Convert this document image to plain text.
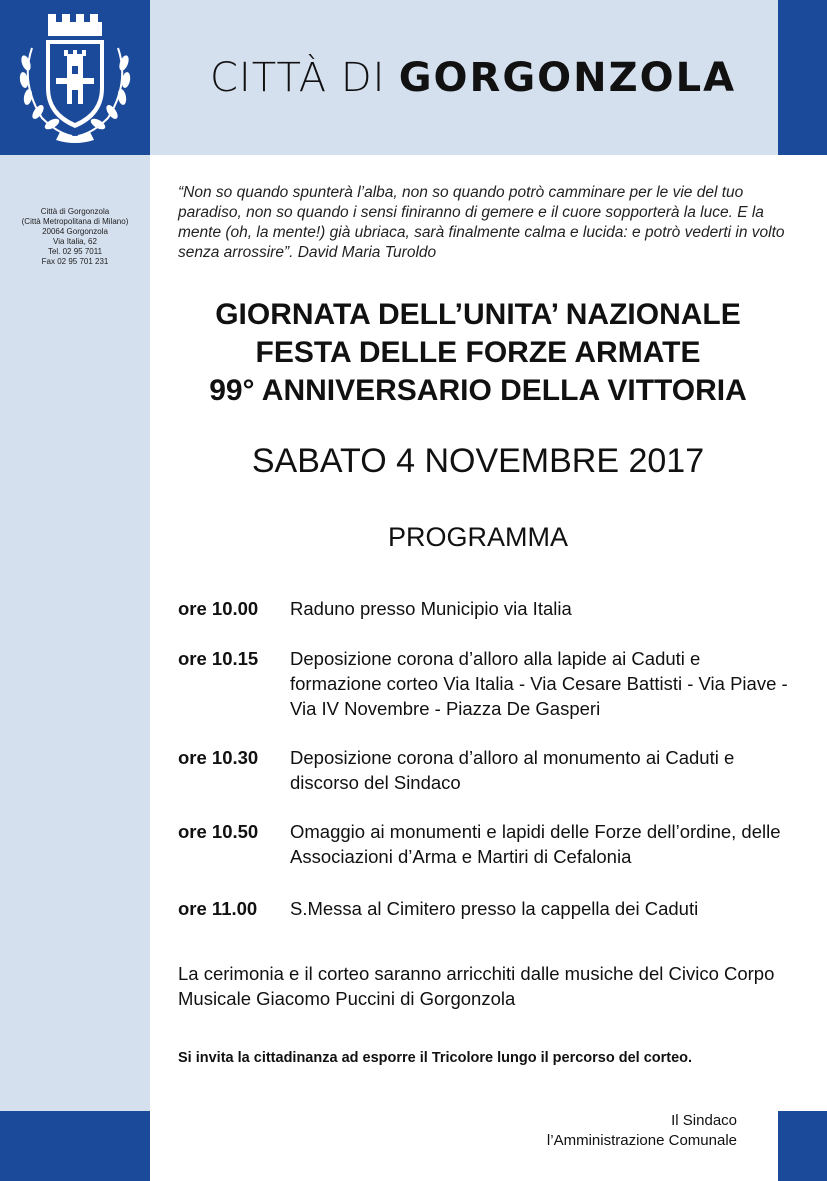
CITTÀ DI GORGONZOLA
Città di Gorgonzola
(Città Metropolitana di Milano)
20064 Gorgonzola
Via Italia, 62
Tel. 02 95 7011
Fax 02 95 701 231
“Non so quando spunterà l’alba, non so quando potrò camminare per le vie del tuo paradiso, non so quando i sensi finiranno di gemere e il cuore sopporterà la luce. E la mente (oh, la mente!) già ubriaca, sarà finalmente calma e lucida: e potrò vederti in volto senza arrossire”. David Maria Turoldo
GIORNATA DELL’UNITA’ NAZIONALE
FESTA DELLE FORZE ARMATE
99° ANNIVERSARIO DELLA VITTORIA
SABATO 4 NOVEMBRE 2017
PROGRAMMA
ore 10.00 Raduno presso Municipio via Italia
ore 10.15 Deposizione corona d’alloro alla lapide ai Caduti e formazione corteo Via Italia - Via Cesare Battisti - Via Piave - Via IV Novembre - Piazza De Gasperi
ore 10.30 Deposizione corona d’alloro al monumento ai Caduti e discorso del Sindaco
ore 10.50 Omaggio ai monumenti e lapidi delle Forze dell’ordine, delle Associazioni d’Arma e Martiri di Cefalonia
ore 11.00 S.Messa al Cimitero presso la cappella dei Caduti
La cerimonia e il corteo saranno arricchiti dalle musiche del Civico Corpo Musicale Giacomo Puccini di Gorgonzola
Si invita la cittadinanza ad esporre il Tricolore lungo il percorso del corteo.
Il Sindaco
l’Amministrazione Comunale
